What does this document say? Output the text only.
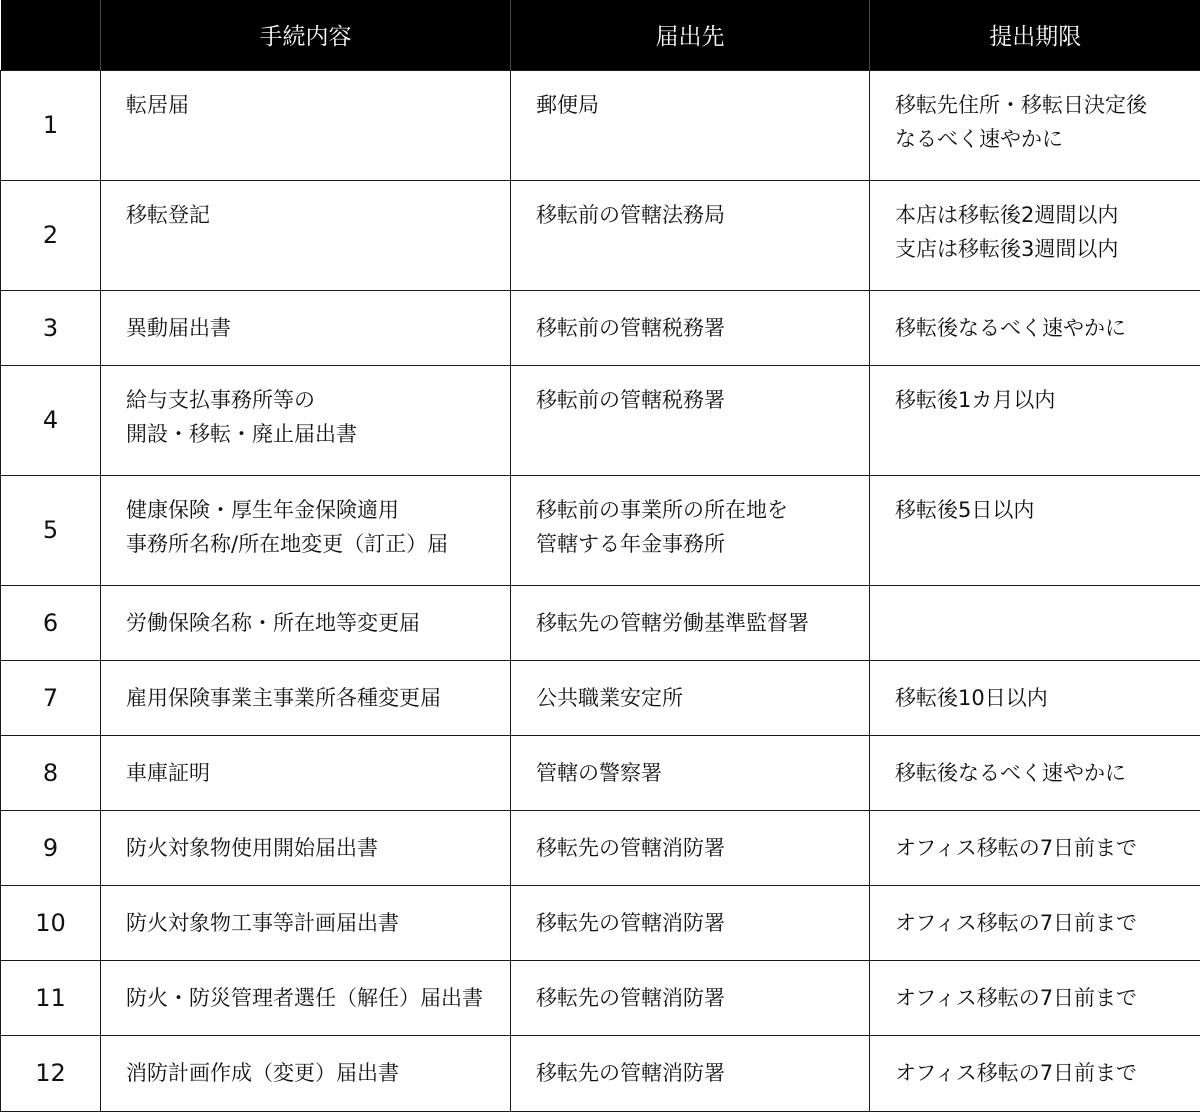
	手続内容	届出先	提出期限
1	転居届	郵便局	移転先住所・移転日決定後
なるべく速やかに
2	移転登記	移転前の管轄法務局	本店は移転後2週間以内
支店は移転後3週間以内
3	異動届出書	移転前の管轄税務署	移転後なるべく速やかに
4	給与支払事務所等の
開設・移転・廃止届出書	移転前の管轄税務署	移転後1カ月以内
5	健康保険・厚生年金保険適用
事務所名称/所在地変更（訂正）届	移転前の事業所の所在地を
管轄する年金事務所	移転後5日以内
6	労働保険名称・所在地等変更届	移転先の管轄労働基準監督署	
7	雇用保険事業主事業所各種変更届	公共職業安定所	移転後10日以内
8	車庫証明	管轄の警察署	移転後なるべく速やかに
9	防火対象物使用開始届出書	移転先の管轄消防署	オフィス移転の7日前まで
10	防火対象物工事等計画届出書	移転先の管轄消防署	オフィス移転の7日前まで
11	防火・防災管理者選任（解任）届出書	移転先の管轄消防署	オフィス移転の7日前まで
12	消防計画作成（変更）届出書	移転先の管轄消防署	オフィス移転の7日前まで
